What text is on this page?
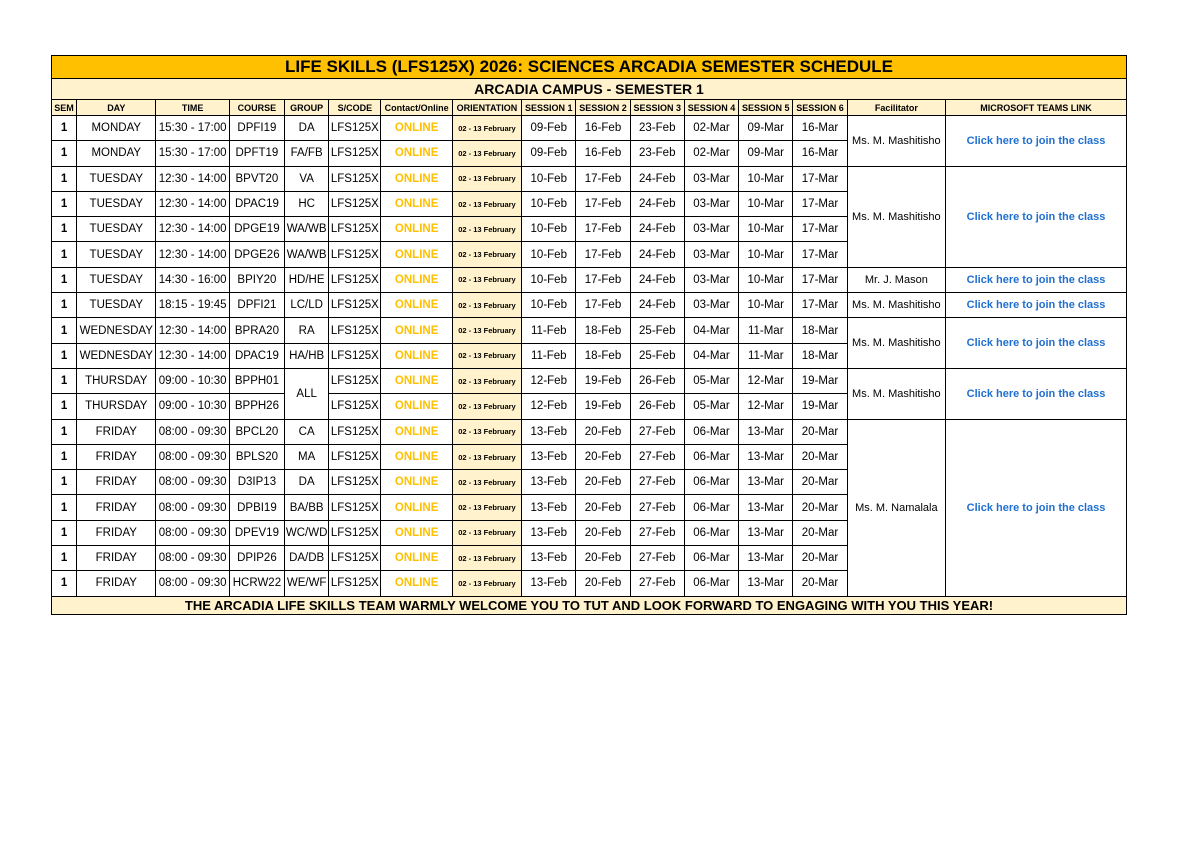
LIFE SKILLS (LFS125X) 2026: SCIENCES ARCADIA SEMESTER SCHEDULE															
ARCADIA CAMPUS - SEMESTER 1															
SEM	DAY	TIME	COURSE	GROUP	S/CODE	Contact/Online	ORIENTATION	SESSION 1	SESSION 2	SESSION 3	SESSION 4	SESSION 5	SESSION 6	Facilitator	MICROSOFT TEAMS LINK
1	MONDAY	15:30 - 17:00	DPFI19	DA	LFS125X	ONLINE	02 - 13 February	09-Feb	16-Feb	23-Feb	02-Mar	09-Mar	16-Mar	Ms. M. Mashitisho	Click here to join the class
1	MONDAY	15:30 - 17:00	DPFT19	FA/FB	LFS125X	ONLINE	02 - 13 February	09-Feb	16-Feb	23-Feb	02-Mar	09-Mar	16-Mar		
1	TUESDAY	12:30 - 14:00	BPVT20	VA	LFS125X	ONLINE	02 - 13 February	10-Feb	17-Feb	24-Feb	03-Mar	10-Mar	17-Mar	Ms. M. Mashitisho	Click here to join the class
1	TUESDAY	12:30 - 14:00	DPAC19	HC	LFS125X	ONLINE	02 - 13 February	10-Feb	17-Feb	24-Feb	03-Mar	10-Mar	17-Mar		
1	TUESDAY	12:30 - 14:00	DPGE19	WA/WB	LFS125X	ONLINE	02 - 13 February	10-Feb	17-Feb	24-Feb	03-Mar	10-Mar	17-Mar		
1	TUESDAY	12:30 - 14:00	DPGE26	WA/WB	LFS125X	ONLINE	02 - 13 February	10-Feb	17-Feb	24-Feb	03-Mar	10-Mar	17-Mar		
1	TUESDAY	14:30 - 16:00	BPIY20	HD/HE	LFS125X	ONLINE	02 - 13 February	10-Feb	17-Feb	24-Feb	03-Mar	10-Mar	17-Mar	Mr. J. Mason	Click here to join the class
1	TUESDAY	18:15 - 19:45	DPFI21	LC/LD	LFS125X	ONLINE	02 - 13 February	10-Feb	17-Feb	24-Feb	03-Mar	10-Mar	17-Mar	Ms. M. Mashitisho	Click here to join the class
1	WEDNESDAY	12:30 - 14:00	BPRA20	RA	LFS125X	ONLINE	02 - 13 February	11-Feb	18-Feb	25-Feb	04-Mar	11-Mar	18-Mar	Ms. M. Mashitisho	Click here to join the class
1	WEDNESDAY	12:30 - 14:00	DPAC19	HA/HB	LFS125X	ONLINE	02 - 13 February	11-Feb	18-Feb	25-Feb	04-Mar	11-Mar	18-Mar		
1	THURSDAY	09:00 - 10:30	BPPH01	ALL	LFS125X	ONLINE	02 - 13 February	12-Feb	19-Feb	26-Feb	05-Mar	12-Mar	19-Mar	Ms. M. Mashitisho	Click here to join the class
1	THURSDAY	09:00 - 10:30	BPPH26		LFS125X	ONLINE	02 - 13 February	12-Feb	19-Feb	26-Feb	05-Mar	12-Mar	19-Mar		
1	FRIDAY	08:00 - 09:30	BPCL20	CA	LFS125X	ONLINE	02 - 13 February	13-Feb	20-Feb	27-Feb	06-Mar	13-Mar	20-Mar	Ms. M. Namalala	Click here to join the class
1	FRIDAY	08:00 - 09:30	BPLS20	MA	LFS125X	ONLINE	02 - 13 February	13-Feb	20-Feb	27-Feb	06-Mar	13-Mar	20-Mar		
1	FRIDAY	08:00 - 09:30	D3IP13	DA	LFS125X	ONLINE	02 - 13 February	13-Feb	20-Feb	27-Feb	06-Mar	13-Mar	20-Mar		
1	FRIDAY	08:00 - 09:30	DPBI19	BA/BB	LFS125X	ONLINE	02 - 13 February	13-Feb	20-Feb	27-Feb	06-Mar	13-Mar	20-Mar		
1	FRIDAY	08:00 - 09:30	DPEV19	WC/WD	LFS125X	ONLINE	02 - 13 February	13-Feb	20-Feb	27-Feb	06-Mar	13-Mar	20-Mar		
1	FRIDAY	08:00 - 09:30	DPIP26	DA/DB	LFS125X	ONLINE	02 - 13 February	13-Feb	20-Feb	27-Feb	06-Mar	13-Mar	20-Mar		
1	FRIDAY	08:00 - 09:30	HCRW22	WE/WF	LFS125X	ONLINE	02 - 13 February	13-Feb	20-Feb	27-Feb	06-Mar	13-Mar	20-Mar		
THE ARCADIA LIFE SKILLS TEAM WARMLY WELCOME YOU TO TUT AND LOOK FORWARD TO ENGAGING WITH YOU THIS YEAR!															
